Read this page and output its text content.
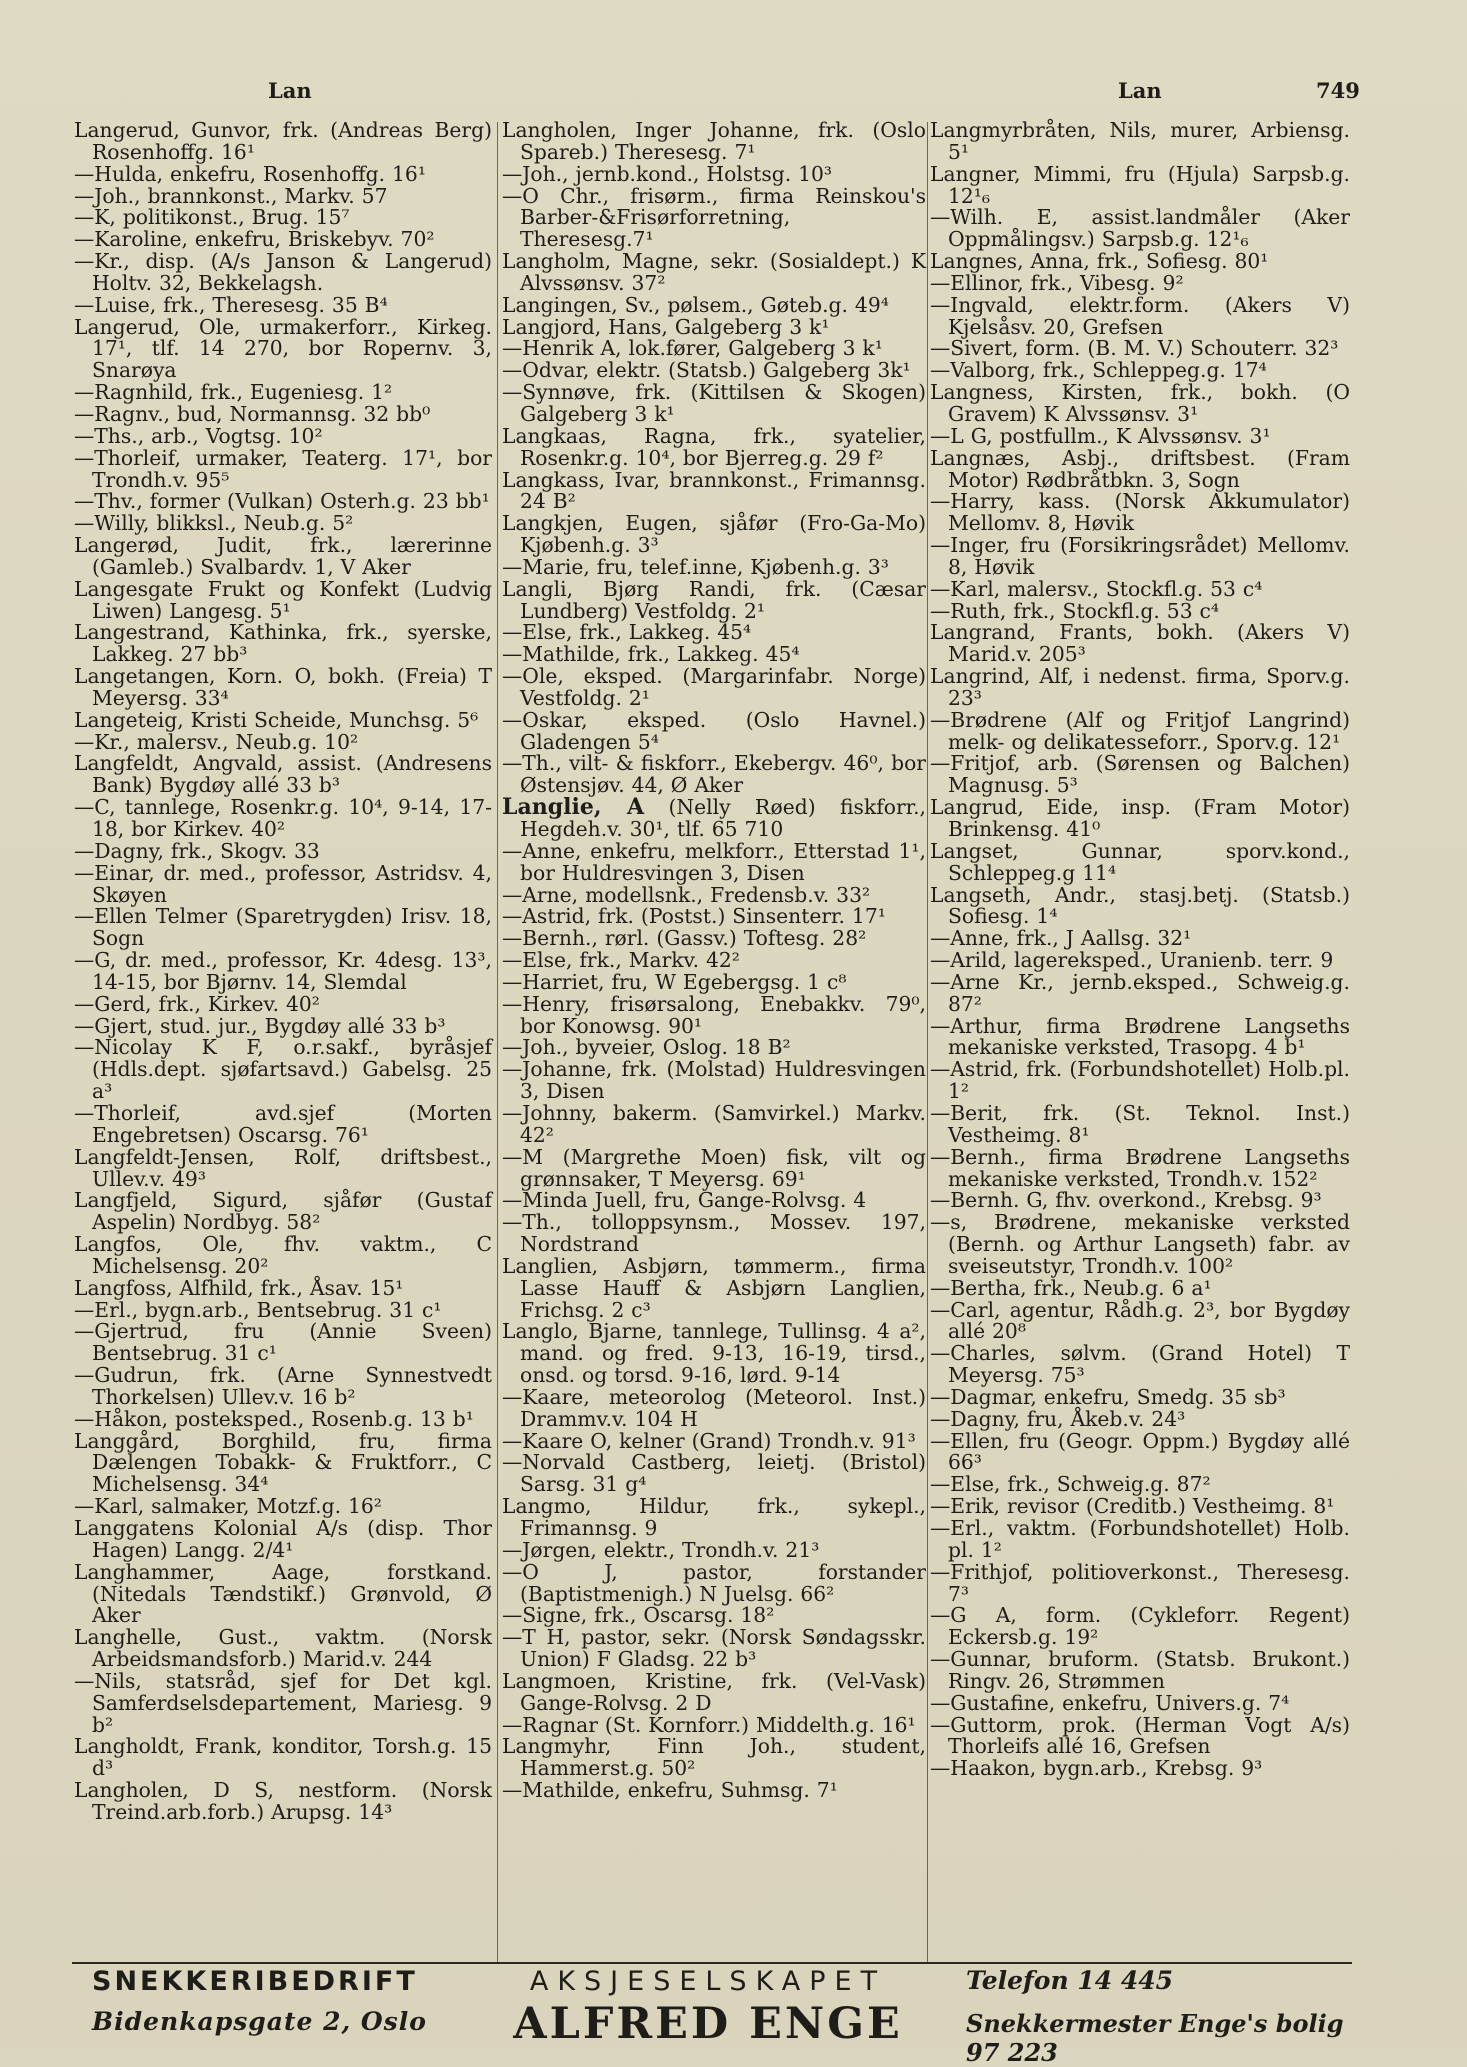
Lan	Lan	749
Langerud, Gunvor, frk. (Andreas Berg) Rosenhoffg. 16¹
—Hulda, enkefru, Rosenhoffg. 16¹
—Joh., brannkonst., Markv. 57
—K, politikonst., Brug. 15⁷
—Karoline, enkefru, Briskebyv. 70²
—Kr., disp. (A/s Janson & Langerud) Holtv. 32, Bekkelagsh.
—Luise, frk., Theresesg. 35 B⁴
Langerud, Ole, urmakerforr., Kirkeg. 17¹, tlf. 14 270, bor Ropernv. 3, Snarøya
—Ragnhild, frk., Eugeniesg. 1²
—Ragnv., bud, Normannsg. 32 bb⁰
—Ths., arb., Vogtsg. 10²
—Thorleif, urmaker, Teaterg. 17¹, bor Trondh.v. 95⁵
—Thv., former (Vulkan) Osterh.g. 23 bb¹
—Willy, blikksl., Neub.g. 5²
Langerød, Judit, frk., lærerinne (Gamleb.) Svalbardv. 1, V Aker
Langesgate Frukt og Konfekt (Ludvig Liwen) Langesg. 5¹
Langestrand, Kathinka, frk., syerske, Lakkeg. 27 bb³
Langetangen, Korn. O, bokh. (Freia) T Meyersg. 33⁴
Langeteig, Kristi Scheide, Munchsg. 5⁶
—Kr., malersv., Neub.g. 10²
Langfeldt, Angvald, assist. (Andresens Bank) Bygdøy allé 33 b³
—C, tannlege, Rosenkr.g. 10⁴, 9-14, 17-18, bor Kirkev. 40²
—Dagny, frk., Skogv. 33
—Einar, dr. med., professor, Astridsv. 4, Skøyen
—Ellen Telmer (Sparetrygden) Irisv. 18, Sogn
—G, dr. med., professor, Kr. 4desg. 13³, 14-15, bor Bjørnv. 14, Slemdal
—Gerd, frk., Kirkev. 40²
—Gjert, stud. jur., Bygdøy allé 33 b³
—Nicolay K F, o.r.sakf., byråsjef (Hdls.dept. sjøfartsavd.) Gabelsg. 25 a³
—Thorleif, avd.sjef (Morten Engebretsen) Oscarsg. 76¹
Langfeldt-Jensen, Rolf, driftsbest., Ullev.v. 49³
Langfjeld, Sigurd, sjåfør (Gustaf Aspelin) Nordbyg. 58²
Langfos, Ole, fhv. vaktm., C Michelsensg. 20²
Langfoss, Alfhild, frk., Åsav. 15¹
—Erl., bygn.arb., Bentsebrug. 31 c¹
—Gjertrud, fru (Annie Sveen) Bentsebrug. 31 c¹
—Gudrun, frk. (Arne Synnestvedt Thorkelsen) Ullev.v. 16 b²
—Håkon, posteksped., Rosenb.g. 13 b¹
Langgård, Borghild, fru, firma Dælengen Tobakk- & Fruktforr., C Michelsensg. 34⁴
—Karl, salmaker, Motzf.g. 16²
Langgatens Kolonial A/s (disp. Thor Hagen) Langg. 2/4¹
Langhammer, Aage, forstkand. (Nitedals Tændstikf.) Grønvold, Ø Aker
Langhelle, Gust., vaktm. (Norsk Arbeidsmandsforb.) Marid.v. 244
—Nils, statsråd, sjef for Det kgl. Samferdselsdepartement, Mariesg. 9 b²
Langholdt, Frank, konditor, Torsh.g. 15 d³
Langholen, D S, nestform. (Norsk Treind.arb.forb.) Arupsg. 14³
Langholen, Inger Johanne, frk. (Oslo Spareb.) Theresesg. 7¹
—Joh., jernb.kond., Holstsg. 10³
—O Chr., frisørm., firma Reinskou's Barber-&Frisørforretning, Theresesg.7¹
Langholm, Magne, sekr. (Sosialdept.) K Alvssønsv. 37²
Langingen, Sv., pølsem., Gøteb.g. 49⁴
Langjord, Hans, Galgeberg 3 k¹
—Henrik A, lok.fører, Galgeberg 3 k¹
—Odvar, elektr. (Statsb.) Galgeberg 3k¹
—Synnøve, frk. (Kittilsen & Skogen) Galgeberg 3 k¹
Langkaas, Ragna, frk., syatelier, Rosenkr.g. 10⁴, bor Bjerreg.g. 29 f²
Langkass, Ivar, brannkonst., Frimannsg. 24 B²
Langkjen, Eugen, sjåfør (Fro-Ga-Mo) Kjøbenh.g. 3³
—Marie, fru, telef.inne, Kjøbenh.g. 3³
Langli, Bjørg Randi, frk. (Cæsar Lundberg) Vestfoldg. 2¹
—Else, frk., Lakkeg. 45⁴
—Mathilde, frk., Lakkeg. 45⁴
—Ole, eksped. (Margarinfabr. Norge) Vestfoldg. 2¹
—Oskar, eksped. (Oslo Havnel.) Gladengen 5⁴
—Th., vilt- & fiskforr., Ekebergv. 46⁰, bor Østensjøv. 44, Ø Aker
Langlie, A (Nelly Røed) fiskforr., Hegdeh.v. 30¹, tlf. 65 710
—Anne, enkefru, melkforr., Etterstad 1¹, bor Huldresvingen 3, Disen
—Arne, modellsnk., Fredensb.v. 33²
—Astrid, frk. (Postst.) Sinsenterr. 17¹
—Bernh., rørl. (Gassv.) Toftesg. 28²
—Else, frk., Markv. 42²
—Harriet, fru, W Egebergsg. 1 c⁸
—Henry, frisørsalong, Enebakkv. 79⁰, bor Konowsg. 90¹
—Joh., byveier, Oslog. 18 B²
—Johanne, frk. (Molstad) Huldresvingen 3, Disen
—Johnny, bakerm. (Samvirkel.) Markv. 42²
—M (Margrethe Moen) fisk, vilt og grønnsaker, T Meyersg. 69¹
—Minda Juell, fru, Gange-Rolvsg. 4
—Th., tolloppsynsm., Mossev. 197, Nordstrand
Langlien, Asbjørn, tømmerm., firma Lasse Hauff & Asbjørn Langlien, Frichsg. 2 c³
Langlo, Bjarne, tannlege, Tullinsg. 4 a², mand. og fred. 9-13, 16-19, tirsd., onsd. og torsd. 9-16, lørd. 9-14
—Kaare, meteorolog (Meteorol. Inst.) Drammv.v. 104 H
—Kaare O, kelner (Grand) Trondh.v. 91³
—Norvald Castberg, leietj. (Bristol) Sarsg. 31 g⁴
Langmo, Hildur, frk., sykepl., Frimannsg. 9
—Jørgen, elektr., Trondh.v. 21³
—O J, pastor, forstander (Baptistmenigh.) N Juelsg. 66²
—Signe, frk., Oscarsg. 18²
—T H, pastor, sekr. (Norsk Søndagsskr. Union) F Gladsg. 22 b³
Langmoen, Kristine, frk. (Vel-Vask) Gange-Rolvsg. 2 D
—Ragnar (St. Kornforr.) Middelth.g. 16¹
Langmyhr, Finn Joh., student, Hammerst.g. 50²
—Mathilde, enkefru, Suhmsg. 7¹
Langmyrbråten, Nils, murer, Arbiensg. 5¹
Langner, Mimmi, fru (Hjula) Sarpsb.g. 12¹₆
—Wilh. E, assist.landmåler (Aker Oppmålingsv.) Sarpsb.g. 12¹₆
Langnes, Anna, frk., Sofiesg. 80¹
—Ellinor, frk., Vibesg. 9²
—Ingvald, elektr.form. (Akers V) Kjelsåsv. 20, Grefsen
—Sivert, form. (B. M. V.) Schouterr. 32³
—Valborg, frk., Schleppeg.g. 17⁴
Langness, Kirsten, frk., bokh. (O Gravem) K Alvssønsv. 3¹
—L G, postfullm., K Alvssønsv. 3¹
Langnæs, Asbj., driftsbest. (Fram Motor) Rødbråtbkn. 3, Sogn
—Harry, kass. (Norsk Akkumulator) Mellomv. 8, Høvik
—Inger, fru (Forsikringsrådet) Mellomv. 8, Høvik
—Karl, malersv., Stockfl.g. 53 c⁴
—Ruth, frk., Stockfl.g. 53 c⁴
Langrand, Frants, bokh. (Akers V) Marid.v. 205³
Langrind, Alf, i nedenst. firma, Sporv.g. 23³
—Brødrene (Alf og Fritjof Langrind) melk- og delikatesseforr., Sporv.g. 12¹
—Fritjof, arb. (Sørensen og Balchen) Magnusg. 5³
Langrud, Eide, insp. (Fram Motor) Brinkensg. 41⁰
Langset, Gunnar, sporv.kond., Schleppeg.g 11⁴
Langseth, Andr., stasj.betj. (Statsb.) Sofiesg. 1⁴
—Anne, frk., J Aallsg. 32¹
—Arild, lagereksped., Uranienb. terr. 9
—Arne Kr., jernb.eksped., Schweig.g. 87²
—Arthur, firma Brødrene Langseths mekaniske verksted, Trasopg. 4 b¹
—Astrid, frk. (Forbundshotellet) Holb.pl. 1²
—Berit, frk. (St. Teknol. Inst.) Vestheimg. 8¹
—Bernh., firma Brødrene Langseths mekaniske verksted, Trondh.v. 152²
—Bernh. G, fhv. overkond., Krebsg. 9³
—s, Brødrene, mekaniske verksted (Bernh. og Arthur Langseth) fabr. av sveiseutstyr, Trondh.v. 100²
—Bertha, frk., Neub.g. 6 a¹
—Carl, agentur, Rådh.g. 2³, bor Bygdøy allé 20⁸
—Charles, sølvm. (Grand Hotel) T Meyersg. 75³
—Dagmar, enkefru, Smedg. 35 sb³
—Dagny, fru, Åkeb.v. 24³
—Ellen, fru (Geogr. Oppm.) Bygdøy allé 66³
—Else, frk., Schweig.g. 87²
—Erik, revisor (Creditb.) Vestheimg. 8¹
—Erl., vaktm. (Forbundshotellet) Holb. pl. 1²
—Frithjof, politioverkonst., Theresesg. 7³
—G A, form. (Cykleforr. Regent) Eckersb.g. 19²
—Gunnar, bruform. (Statsb. Brukont.) Ringv. 26, Strømmen
—Gustafine, enkefru, Univers.g. 7⁴
—Guttorm, prok. (Herman Vogt A/s) Thorleifs allé 16, Grefsen
—Haakon, bygn.arb., Krebsg. 9³
SNEKKERIBEDRIFT
Bidenkapsgate 2, Oslo
AKSJESELSKAPET
ALFRED ENGE
Telefon 14 445
Snekkermester Enge's bolig 97 223
